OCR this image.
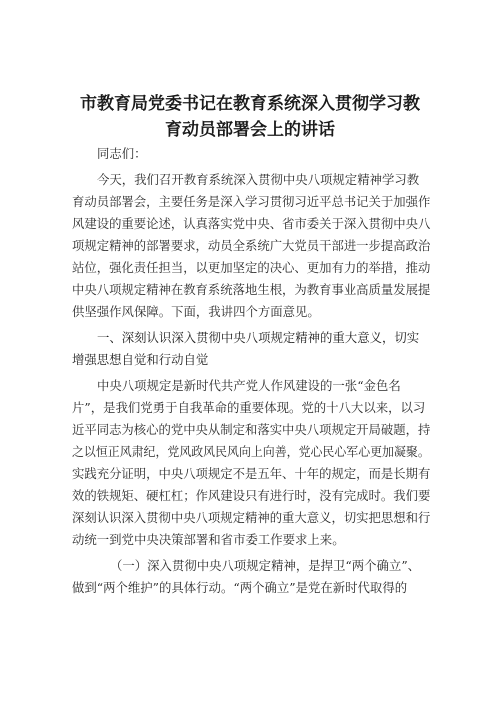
市教育局党委书记在教育系统深入贯彻学习教
育动员部署会上的讲话
同志们：
今天，我们召开教育系统深入贯彻中央八项规定精神学习教
育动员部署会，主要任务是深入学习贯彻习近平总书记关于加强作
风建设的重要论述，认真落实党中央、省市委关于深入贯彻中央八
项规定精神的部署要求，动员全系统广大党员干部进一步提高政治
站位，强化责任担当，以更加坚定的决心、更加有力的举措，推动
中央八项规定精神在教育系统落地生根，为教育事业高质量发展提
供坚强作风保障。下面，我讲四个方面意见。
一、深刻认识深入贯彻中央八项规定精神的重大意义，切实
增强思想自觉和行动自觉
中央八项规定是新时代共产党人作风建设的一张“金色名
片”，是我们党勇于自我革命的重要体现。党的十八大以来，以习
近平同志为核心的党中央从制定和落实中央八项规定开局破题，持
之以恒正风肃纪，党风政风民风向上向善，党心民心军心更加凝聚。
实践充分证明，中央八项规定不是五年、十年的规定，而是长期有
效的铁规矩、硬杠杠；作风建设只有进行时，没有完成时。我们要
深刻认识深入贯彻中央八项规定精神的重大意义，切实把思想和行
动统一到党中央决策部署和省市委工作要求上来。
（一）深入贯彻中央八项规定精神，是捍卫“两个确立”、
做到“两个维护”的具体行动。“两个确立”是党在新时代取得的
